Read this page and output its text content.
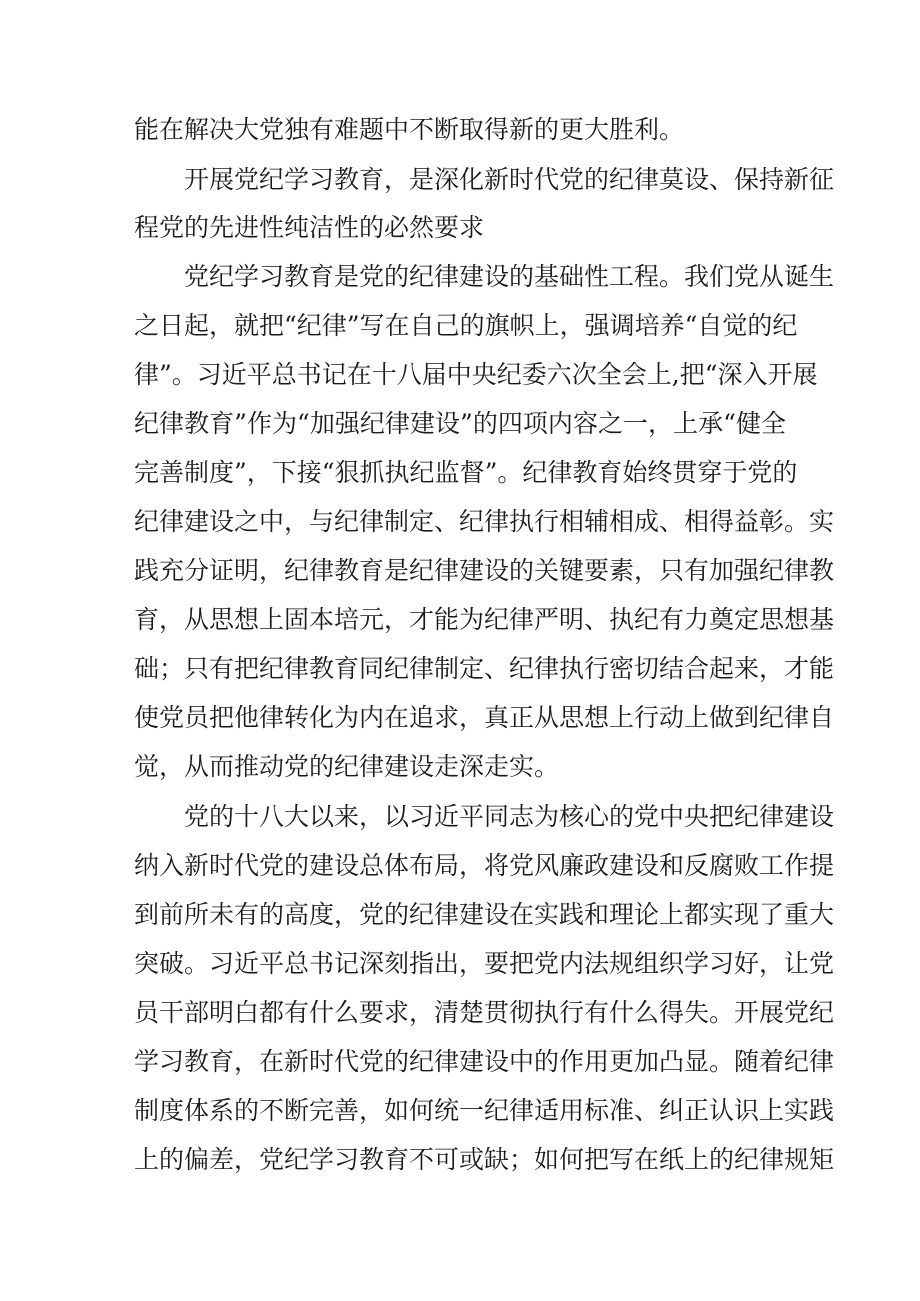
能在解决大党独有难题中不断取得新的更大胜利。

开展党纪学习教育，是深化新时代党的纪律莫设、保持新征

程党的先进性纯洁性的必然要求

党纪学习教育是党的纪律建设的基础性工程。我们党从诞生

之日起，就把“纪律”写在自己的旗帜上，强调培养“自觉的纪

律”。习近平总书记在十八届中央纪委六次全会上,把“深入开展

纪律教育”作为“加强纪律建设”的四项内容之一，上承“健全

完善制度”，下接“狠抓执纪监督”。纪律教育始终贯穿于党的

纪律建设之中，与纪律制定、纪律执行相辅相成、相得益彰。实

践充分证明，纪律教育是纪律建设的关键要素，只有加强纪律教

育，从思想上固本培元，才能为纪律严明、执纪有力奠定思想基

础；只有把纪律教育同纪律制定、纪律执行密切结合起来，才能

使党员把他律转化为内在追求，真正从思想上行动上做到纪律自

觉，从而推动党的纪律建设走深走实。

党的十八大以来，以习近平同志为核心的党中央把纪律建设

纳入新时代党的建设总体布局，将党风廉政建设和反腐败工作提

到前所未有的高度，党的纪律建设在实践和理论上都实现了重大

突破。习近平总书记深刻指出，要把党内法规组织学习好，让党

员干部明白都有什么要求，清楚贯彻执行有什么得失。开展党纪

学习教育，在新时代党的纪律建设中的作用更加凸显。随着纪律

制度体系的不断完善，如何统一纪律适用标准、纠正认识上实践

上的偏差，党纪学习教育不可或缺；如何把写在纸上的纪律规矩
